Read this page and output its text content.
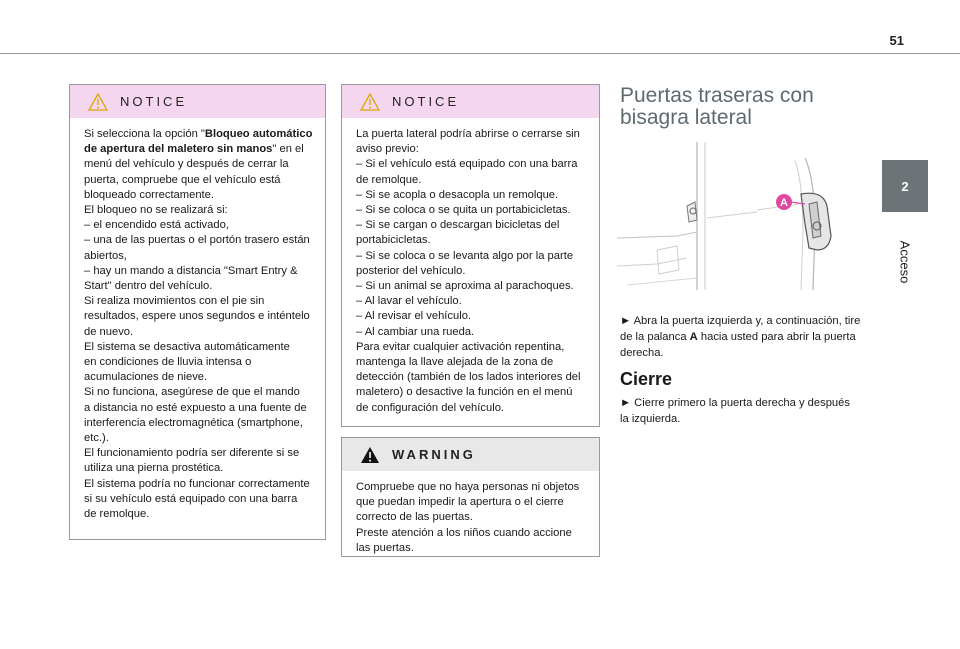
51
2
Acceso
NOTICE
Si selecciona la opción "Bloqueo automático
de apertura del maletero sin manos" en el
menú del vehículo y después de cerrar la
puerta, compruebe que el vehículo está
bloqueado correctamente.
El bloqueo no se realizará si:
– el encendido está activado,
– una de las puertas o el portón trasero están
abiertos,
– hay un mando a distancia "Smart Entry &
Start" dentro del vehículo.
Si realiza movimientos con el pie sin
resultados, espere unos segundos e inténtelo
de nuevo.
El sistema se desactiva automáticamente
en condiciones de lluvia intensa o
acumulaciones de nieve.
Si no funciona, asegúrese de que el mando
a distancia no esté expuesto a una fuente de
interferencia electromagnética (smartphone,
etc.).
El funcionamiento podría ser diferente si se
utiliza una pierna prostética.
El sistema podría no funcionar correctamente
si su vehículo está equipado con una barra
de remolque.
NOTICE
La puerta lateral podría abrirse o cerrarse sin
aviso previo:
– Si el vehículo está equipado con una barra
de remolque.
– Si se acopla o desacopla un remolque.
– Si se coloca o se quita un portabicicletas.
– Si se cargan o descargan bicicletas del
portabicicletas.
– Si se coloca o se levanta algo por la parte
posterior del vehículo.
– Si un animal se aproxima al parachoques.
– Al lavar el vehículo.
– Al revisar el vehículo.
– Al cambiar una rueda.
Para evitar cualquier activación repentina,
mantenga la llave alejada de la zona de
detección (también de los lados interiores del
maletero) o desactive la función en el menú
de configuración del vehículo.
WARNING
Compruebe que no haya personas ni objetos
que puedan impedir la apertura o el cierre
correcto de las puertas.
Preste atención a los niños cuando accione
las puertas.
Puertas traseras con
bisagra lateral
A
► Abra la puerta izquierda y, a continuación, tire
de la palanca A hacia usted para abrir la puerta
derecha.
Cierre
► Cierre primero la puerta derecha y después
la izquierda.
